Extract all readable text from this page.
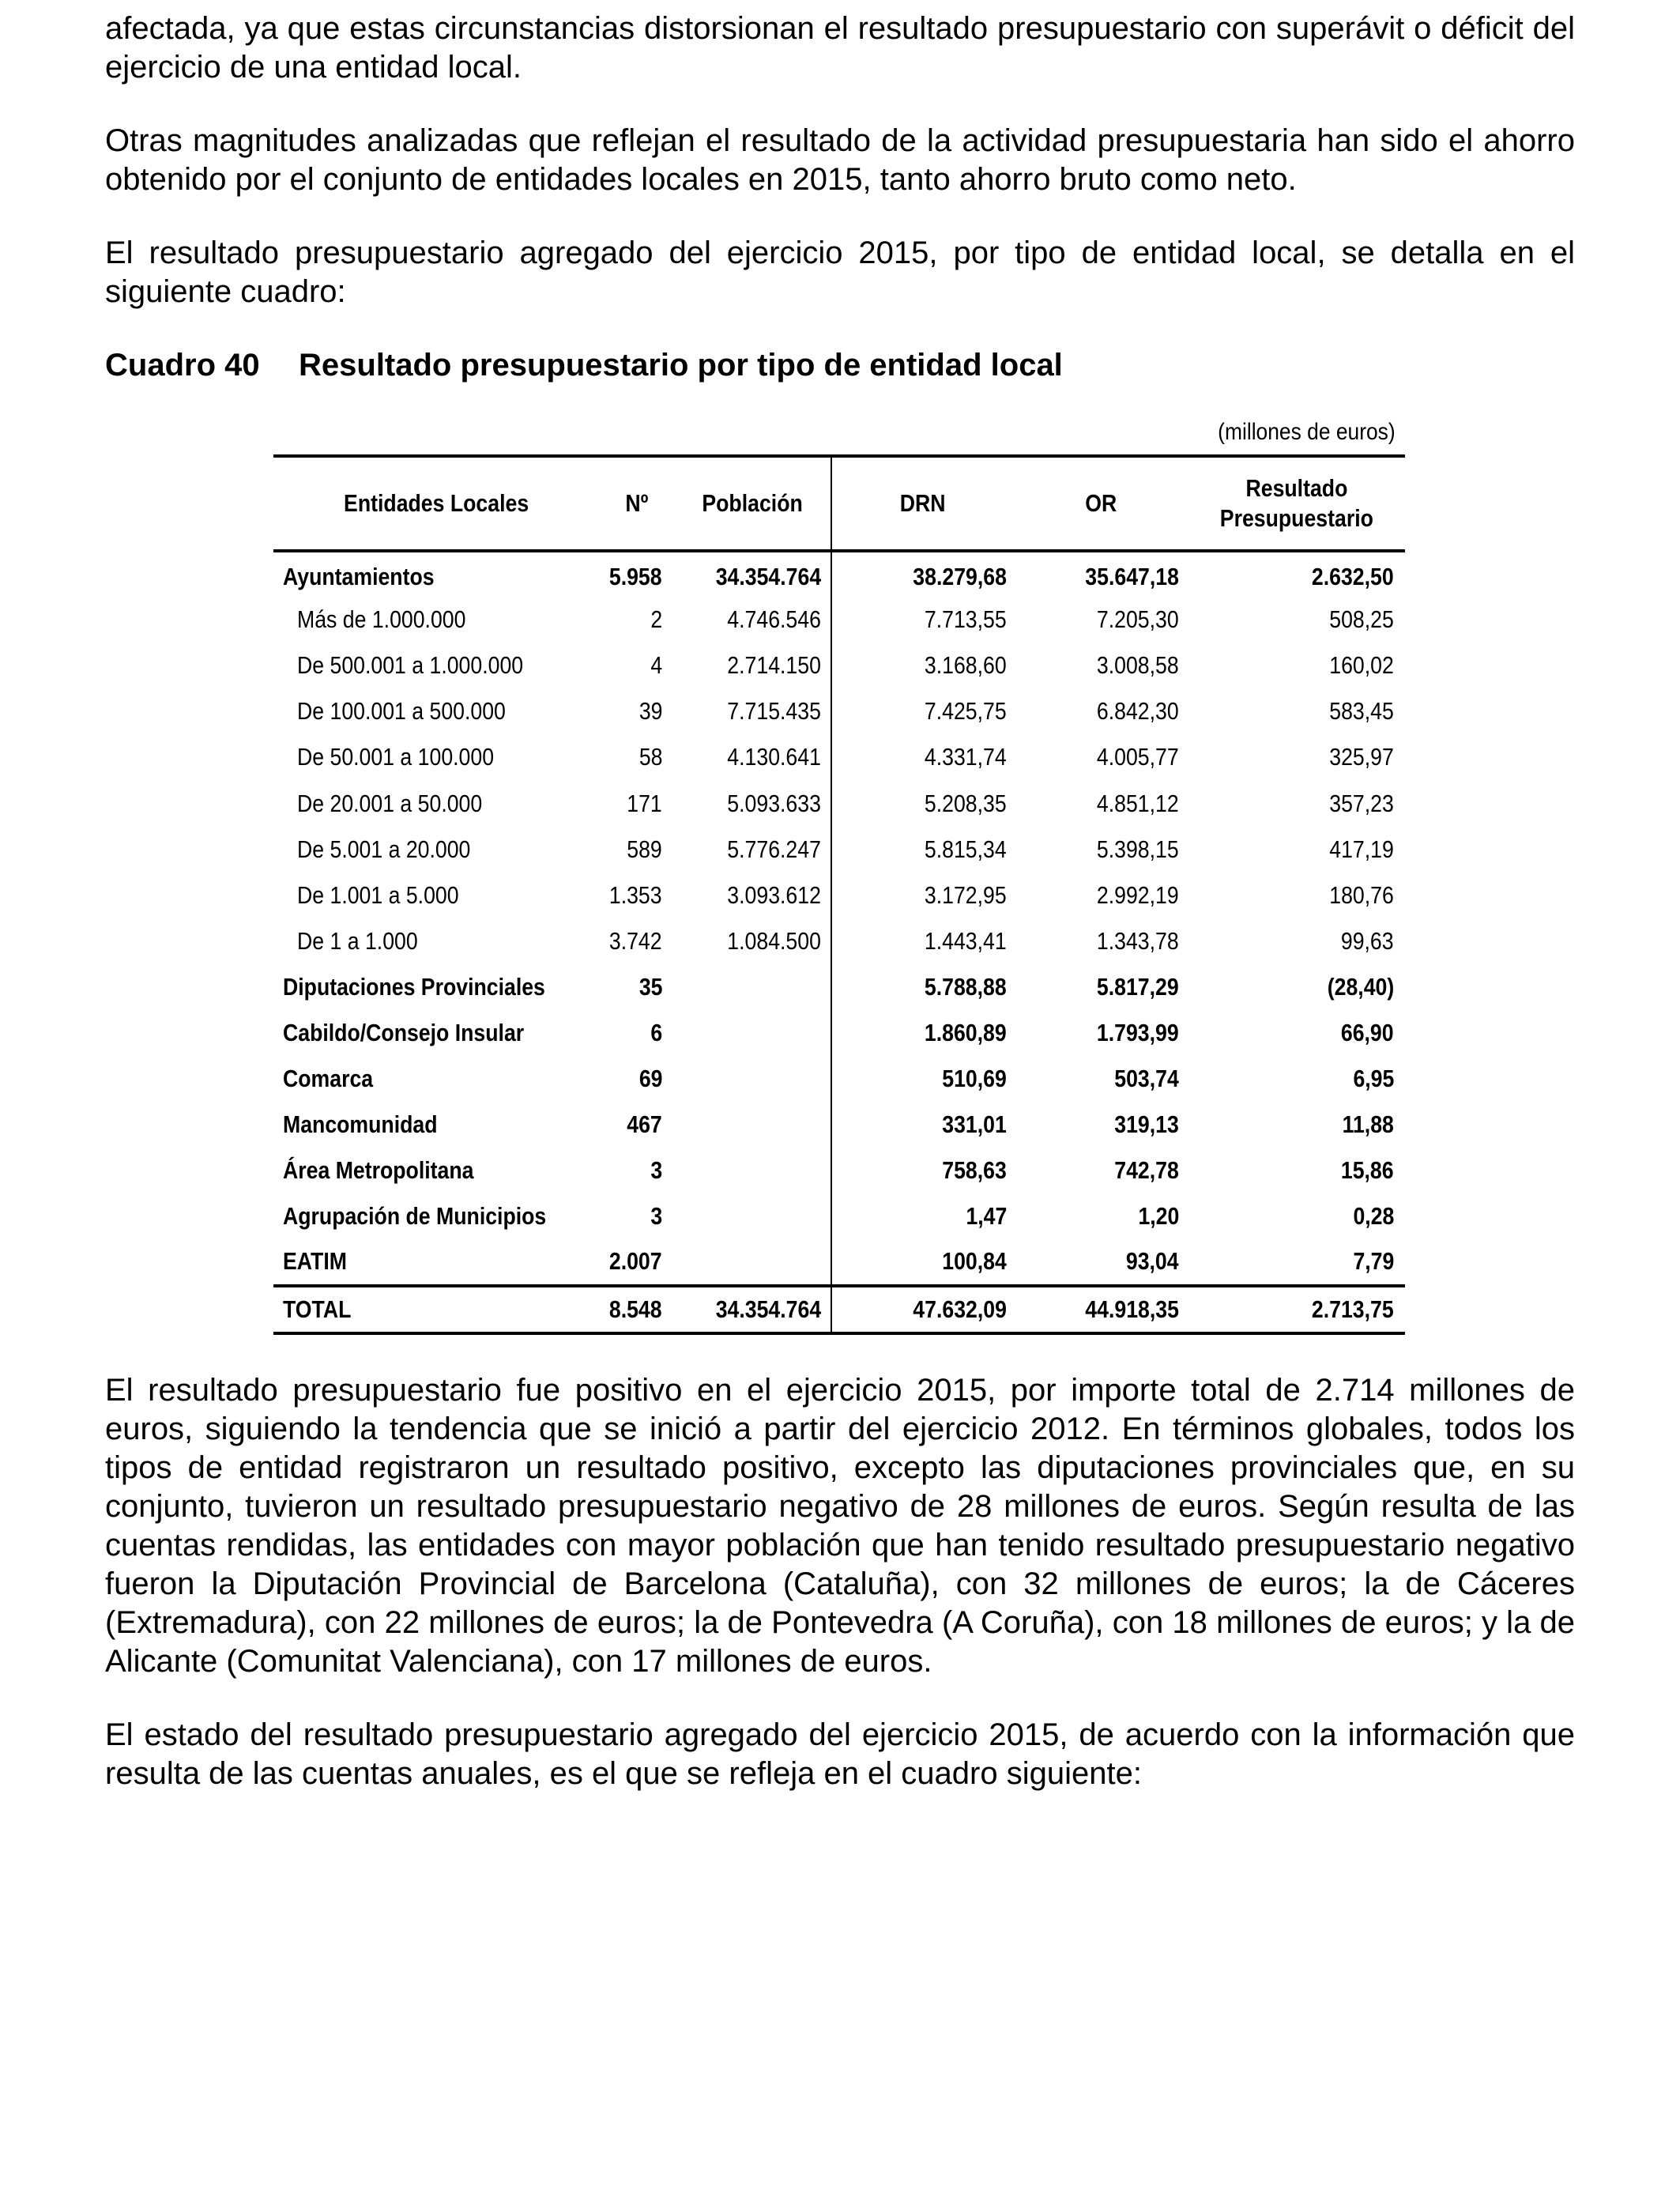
afectada, ya que estas circunstancias distorsionan el resultado presupuestario con superávit o déficit del ejercicio de una entidad local.

Otras magnitudes analizadas que reflejan el resultado de la actividad presupuestaria han sido el ahorro obtenido por el conjunto de entidades locales en 2015, tanto ahorro bruto como neto.

El resultado presupuestario agregado del ejercicio 2015, por tipo de entidad local, se detalla en el siguiente cuadro:

Cuadro 40 Resultado presupuestario por tipo de entidad local
(millones de euros)
Entidades Locales	Nº	Población	DRN	OR	Resultado
Presupuestario
Ayuntamientos	5.958	34.354.764	38.279,68	35.647,18	2.632,50
Más de 1.000.000	2	4.746.546	7.713,55	7.205,30	508,25
De 500.001 a 1.000.000	4	2.714.150	3.168,60	3.008,58	160,02
De 100.001 a 500.000	39	7.715.435	7.425,75	6.842,30	583,45
De 50.001 a 100.000	58	4.130.641	4.331,74	4.005,77	325,97
De 20.001 a 50.000	171	5.093.633	5.208,35	4.851,12	357,23
De 5.001 a 20.000	589	5.776.247	5.815,34	5.398,15	417,19
De 1.001 a 5.000	1.353	3.093.612	3.172,95	2.992,19	180,76
De 1 a 1.000	3.742	1.084.500	1.443,41	1.343,78	99,63
Diputaciones Provinciales	35		5.788,88	5.817,29	(28,40)
Cabildo/Consejo Insular	6		1.860,89	1.793,99	66,90
Comarca	69		510,69	503,74	6,95
Mancomunidad	467		331,01	319,13	11,88
Área Metropolitana	3		758,63	742,78	15,86
Agrupación de Municipios	3		1,47	1,20	0,28
EATIM	2.007		100,84	93,04	7,79
TOTAL	8.548	34.354.764	47.632,09	44.918,35	2.713,75

El resultado presupuestario fue positivo en el ejercicio 2015, por importe total de 2.714 millones de euros, siguiendo la tendencia que se inició a partir del ejercicio 2012. En términos globales, todos los tipos de entidad registraron un resultado positivo, excepto las diputaciones provinciales que, en su conjunto, tuvieron un resultado presupuestario negativo de 28 millones de euros. Según resulta de las cuentas rendidas, las entidades con mayor población que han tenido resultado presupuestario negativo fueron la Diputación Provincial de Barcelona (Cataluña), con 32 millones de euros; la de Cáceres (Extremadura), con 22 millones de euros; la de Pontevedra (A Coruña), con 18 millones de euros; y la de Alicante (Comunitat Valenciana), con 17 millones de euros.

El estado del resultado presupuestario agregado del ejercicio 2015, de acuerdo con la información que resulta de las cuentas anuales, es el que se refleja en el cuadro siguiente:
